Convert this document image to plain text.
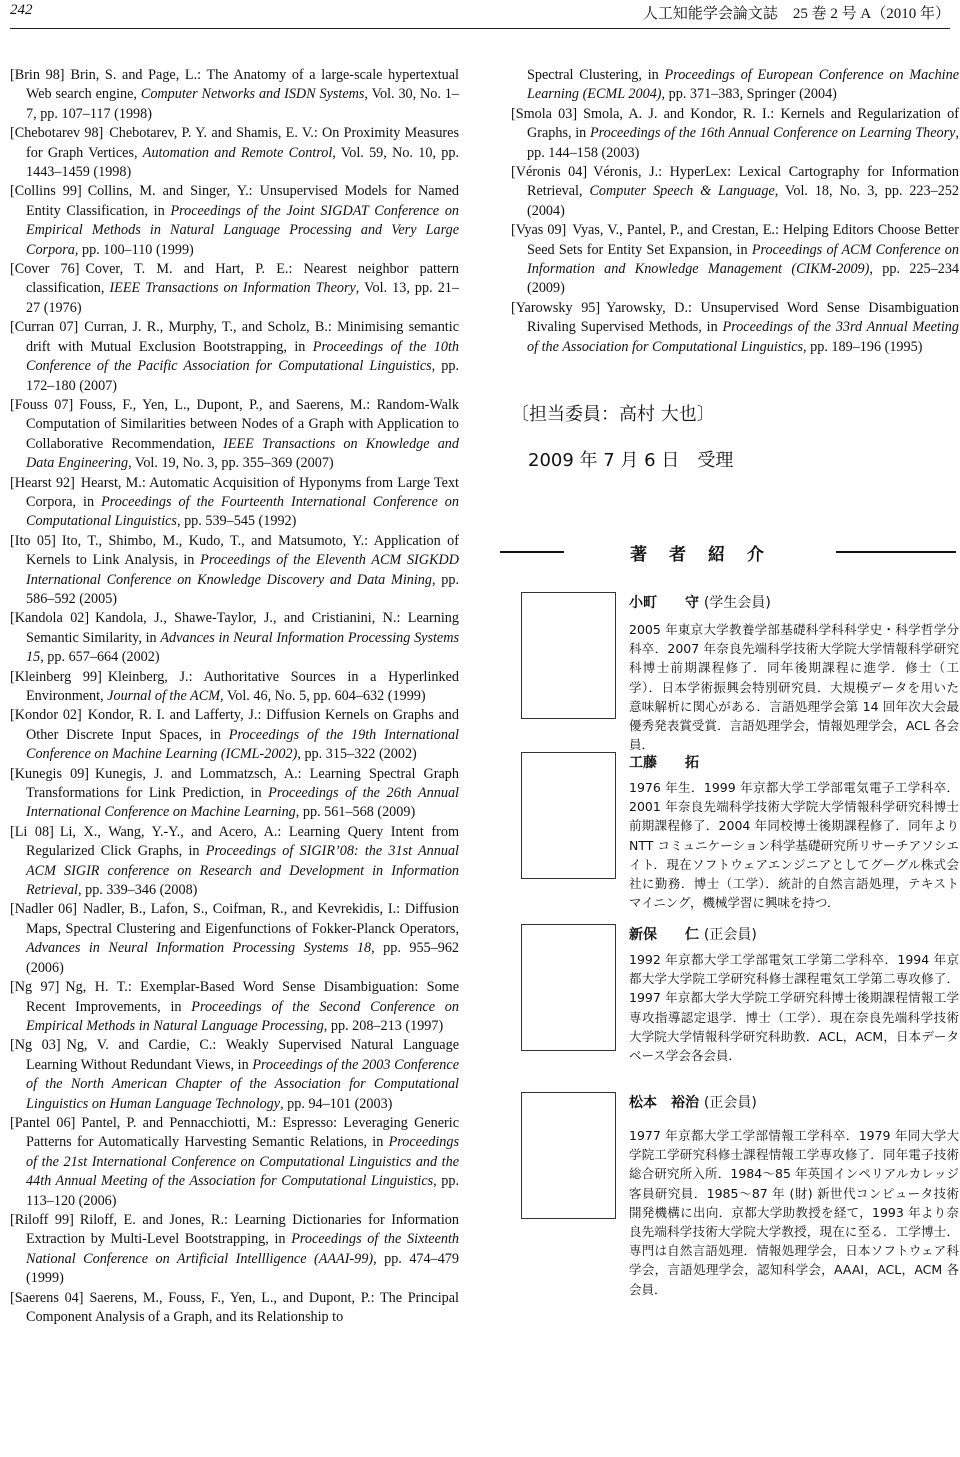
242	人工知能学会論文誌　25 巻 2 号 A（2010 年）
[Brin 98] Brin, S. and Page, L.: The Anatomy of a large-scale hypertextual Web search engine, Computer Networks and ISDN Systems, Vol. 30, No. 1–7, pp. 107–117 (1998)
[Chebotarev 98] Chebotarev, P. Y. and Shamis, E. V.: On Proximity Measures for Graph Vertices, Automation and Remote Control, Vol. 59, No. 10, pp. 1443–1459 (1998)
[Collins 99] Collins, M. and Singer, Y.: Unsupervised Models for Named Entity Classification, in Proceedings of the Joint SIGDAT Conference on Empirical Methods in Natural Language Processing and Very Large Corpora, pp. 100–110 (1999)
[Cover 76] Cover, T. M. and Hart, P. E.: Nearest neighbor pattern classification, IEEE Transactions on Information Theory, Vol. 13, pp. 21–27 (1976)
[Curran 07] Curran, J. R., Murphy, T., and Scholz, B.: Minimising semantic drift with Mutual Exclusion Bootstrapping, in Proceedings of the 10th Conference of the Pacific Association for Computational Linguistics, pp. 172–180 (2007)
[Fouss 07] Fouss, F., Yen, L., Dupont, P., and Saerens, M.: Random-Walk Computation of Similarities between Nodes of a Graph with Application to Collaborative Recommendation, IEEE Transactions on Knowledge and Data Engineering, Vol. 19, No. 3, pp. 355–369 (2007)
[Hearst 92] Hearst, M.: Automatic Acquisition of Hyponyms from Large Text Corpora, in Proceedings of the Fourteenth International Conference on Computational Linguistics, pp. 539–545 (1992)
[Ito 05] Ito, T., Shimbo, M., Kudo, T., and Matsumoto, Y.: Application of Kernels to Link Analysis, in Proceedings of the Eleventh ACM SIGKDD International Conference on Knowledge Discovery and Data Mining, pp. 586–592 (2005)
[Kandola 02] Kandola, J., Shawe-Taylor, J., and Cristianini, N.: Learning Semantic Similarity, in Advances in Neural Information Processing Systems 15, pp. 657–664 (2002)
[Kleinberg 99] Kleinberg, J.: Authoritative Sources in a Hyperlinked Environment, Journal of the ACM, Vol. 46, No. 5, pp. 604–632 (1999)
[Kondor 02] Kondor, R. I. and Lafferty, J.: Diffusion Kernels on Graphs and Other Discrete Input Spaces, in Proceedings of the 19th International Conference on Machine Learning (ICML-2002), pp. 315–322 (2002)
[Kunegis 09] Kunegis, J. and Lommatzsch, A.: Learning Spectral Graph Transformations for Link Prediction, in Proceedings of the 26th Annual International Conference on Machine Learning, pp. 561–568 (2009)
[Li 08] Li, X., Wang, Y.-Y., and Acero, A.: Learning Query Intent from Regularized Click Graphs, in Proceedings of SIGIR’08: the 31st Annual ACM SIGIR conference on Research and Development in Information Retrieval, pp. 339–346 (2008)
[Nadler 06] Nadler, B., Lafon, S., Coifman, R., and Kevrekidis, I.: Diffusion Maps, Spectral Clustering and Eigenfunctions of Fokker-Planck Operators, Advances in Neural Information Processing Systems 18, pp. 955–962 (2006)
[Ng 97] Ng, H. T.: Exemplar-Based Word Sense Disambiguation: Some Recent Improvements, in Proceedings of the Second Conference on Empirical Methods in Natural Language Processing, pp. 208–213 (1997)
[Ng 03] Ng, V. and Cardie, C.: Weakly Supervised Natural Language Learning Without Redundant Views, in Proceedings of the 2003 Conference of the North American Chapter of the Association for Computational Linguistics on Human Language Technology, pp. 94–101 (2003)
[Pantel 06] Pantel, P. and Pennacchiotti, M.: Espresso: Leveraging Generic Patterns for Automatically Harvesting Semantic Relations, in Proceedings of the 21st International Conference on Computational Linguistics and the 44th Annual Meeting of the Association for Computational Linguistics, pp. 113–120 (2006)
[Riloff 99] Riloff, E. and Jones, R.: Learning Dictionaries for Information Extraction by Multi-Level Bootstrapping, in Proceedings of the Sixteenth National Conference on Artificial Intellligence (AAAI-99), pp. 474–479 (1999)
[Saerens 04] Saerens, M., Fouss, F., Yen, L., and Dupont, P.: The Principal Component Analysis of a Graph, and its Relationship to
Spectral Clustering, in Proceedings of European Conference on Machine Learning (ECML 2004), pp. 371–383, Springer (2004)
[Smola 03] Smola, A. J. and Kondor, R. I.: Kernels and Regularization of Graphs, in Proceedings of the 16th Annual Conference on Learning Theory, pp. 144–158 (2003)
[Véronis 04] Véronis, J.: HyperLex: Lexical Cartography for Information Retrieval, Computer Speech & Language, Vol. 18, No. 3, pp. 223–252 (2004)
[Vyas 09] Vyas, V., Pantel, P., and Crestan, E.: Helping Editors Choose Better Seed Sets for Entity Set Expansion, in Proceedings of ACM Conference on Information and Knowledge Management (CIKM-2009), pp. 225–234 (2009)
[Yarowsky 95] Yarowsky, D.: Unsupervised Word Sense Disambiguation Rivaling Supervised Methods, in Proceedings of the 33rd Annual Meeting of the Association for Computational Linguistics, pp. 189–196 (1995)
〔担当委員：高村 大也〕
2009 年 7 月 6 日　受理
著 者 紹 介
小町　　守 (学生会員)
2005 年東京大学教養学部基礎科学科科学史・科学哲学分科卒．2007 年奈良先端科学技術大学院大学情報科学研究科博士前期課程修了．同年後期課程に進学．修士（工学）．日本学術振興会特別研究員．大規模データを用いた意味解析に関心がある．言語処理学会第 14 回年次大会最優秀発表賞受賞．言語処理学会，情報処理学会，ACL 各会員．
工藤　　拓
1976 年生．1999 年京都大学工学部電気電子工学科卒．2001 年奈良先端科学技術大学院大学情報科学研究科博士前期課程修了．2004 年同校博士後期課程修了．同年より NTT コミュニケーション科学基礎研究所リサーチアソシエイト．現在ソフトウェアエンジニアとしてグーグル株式会社に勤務．博士（工学）．統計的自然言語処理，テキストマイニング，機械学習に興味を持つ．
新保　　仁 (正会員)
1992 年京都大学工学部電気工学第二学科卒．1994 年京都大学大学院工学研究科修士課程電気工学第二専攻修了．1997 年京都大学大学院工学研究科博士後期課程情報工学専攻指導認定退学．博士（工学）．現在奈良先端科学技術大学院大学情報科学研究科助教．ACL，ACM，日本データベース学会各会員．
松本　裕治 (正会員)
1977 年京都大学工学部情報工学科卒．1979 年同大学大学院工学研究科修士課程情報工学専攻修了．同年電子技術総合研究所入所．1984〜85 年英国インペリアルカレッジ客員研究員．1985〜87 年 (財) 新世代コンピュータ技術開発機構に出向．京都大学助教授を経て，1993 年より奈良先端科学技術大学院大学教授，現在に至る．工学博士．専門は自然言語処理．情報処理学会，日本ソフトウェア科学会，言語処理学会，認知科学会，AAAI，ACL，ACM 各会員．
